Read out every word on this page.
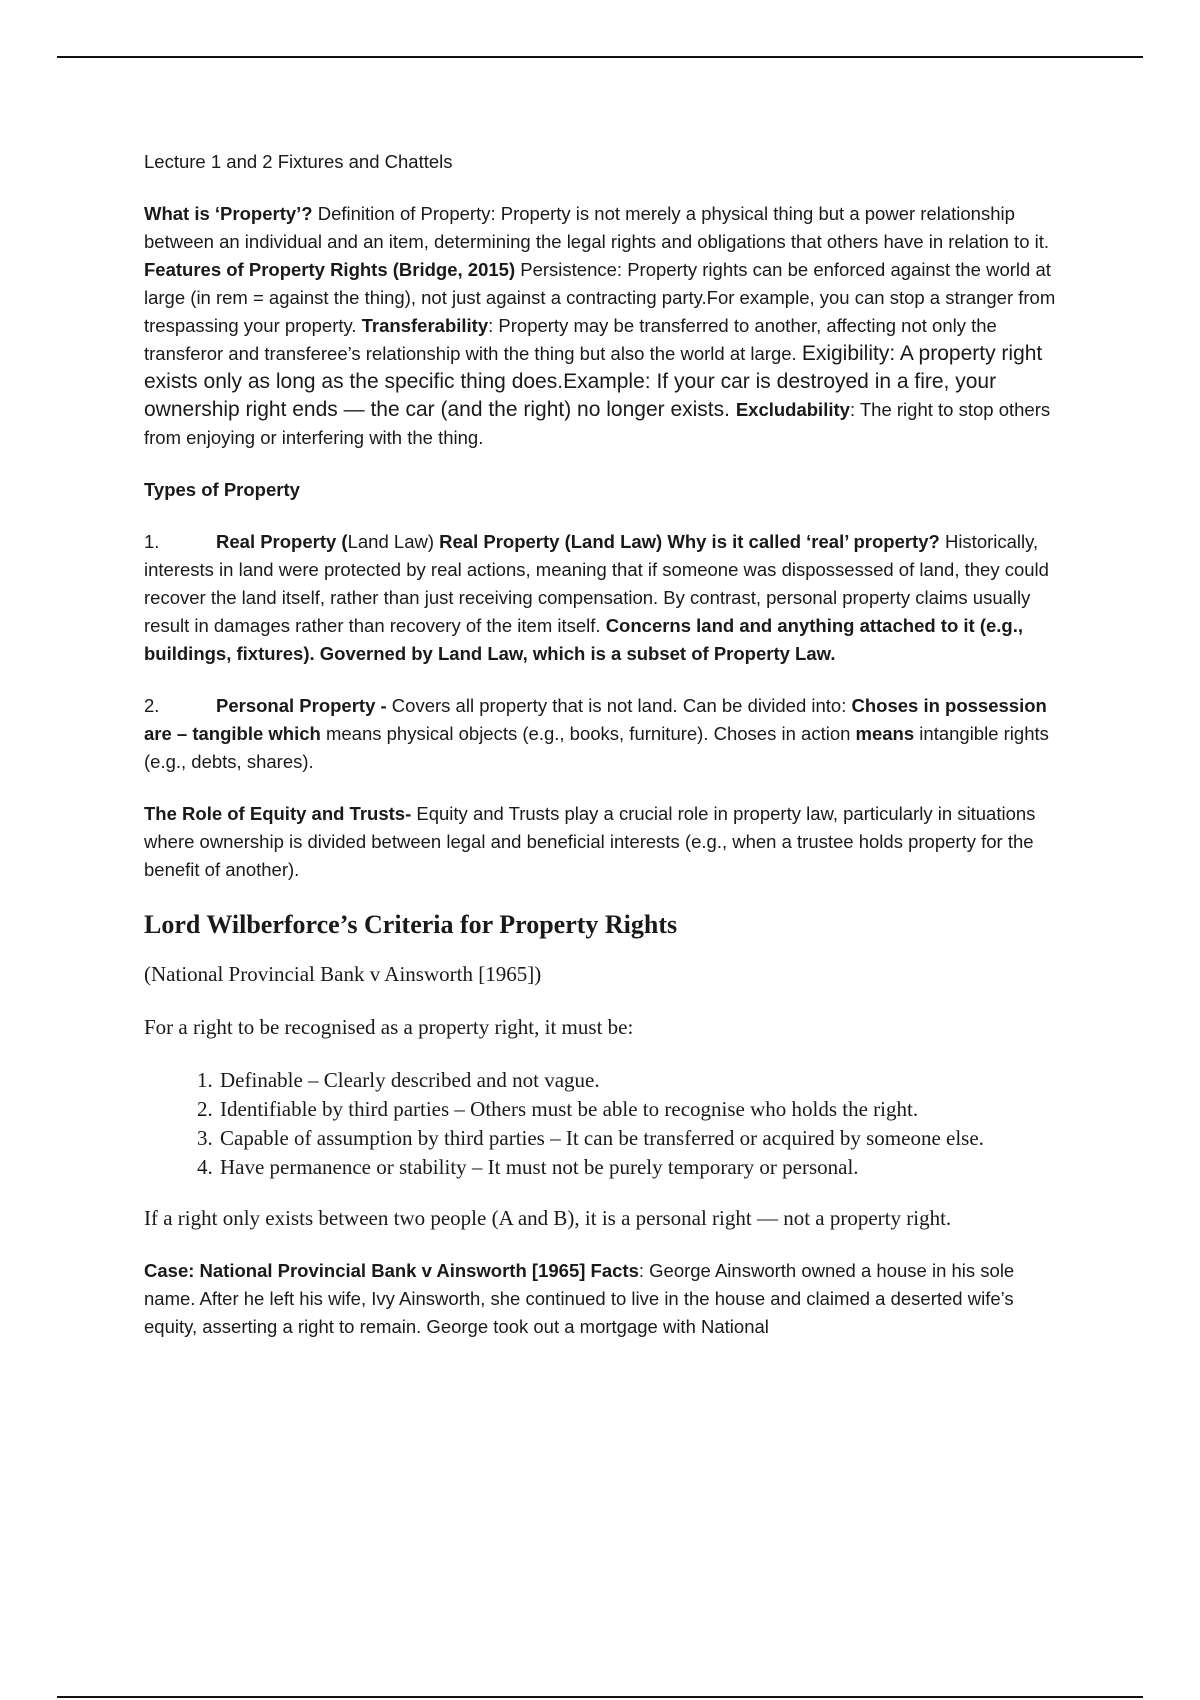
Lecture 1 and 2 Fixtures and Chattels

What is ‘Property’? Definition of Property: Property is not merely a physical thing but a power relationship between an individual and an item, determining the legal rights and obligations that others have in relation to it. Features of Property Rights (Bridge, 2015) Persistence: Property rights can be enforced against the world at large (in rem = against the thing), not just against a contracting party.For example, you can stop a stranger from trespassing your property. Transferability: Property may be transferred to another, affecting not only the transferor and transferee’s relationship with the thing but also the world at large. Exigibility: A property right exists only as long as the specific thing does.Example: If your car is destroyed in a fire, your ownership right ends — the car (and the right) no longer exists. Excludability: The right to stop others from enjoying or interfering with the thing.

Types of Property

1.	Real Property (Land Law) Real Property (Land Law) Why is it called ‘real’ property? Historically, interests in land were protected by real actions, meaning that if someone was dispossessed of land, they could recover the land itself, rather than just receiving compensation. By contrast, personal property claims usually result in damages rather than recovery of the item itself. Concerns land and anything attached to it (e.g., buildings, fixtures). Governed by Land Law, which is a subset of Property Law.

2.	Personal Property - Covers all property that is not land. Can be divided into: Choses in possession are – tangible which means physical objects (e.g., books, furniture). Choses in action means intangible rights (e.g., debts, shares).

The Role of Equity and Trusts- Equity and Trusts play a crucial role in property law, particularly in situations where ownership is divided between legal and beneficial interests (e.g., when a trustee holds property for the benefit of another).

Lord Wilberforce’s Criteria for Property Rights

(National Provincial Bank v Ainsworth [1965])

For a right to be recognised as a property right, it must be:

1. Definable – Clearly described and not vague.
2. Identifiable by third parties – Others must be able to recognise who holds the right.
3. Capable of assumption by third parties – It can be transferred or acquired by someone else.
4. Have permanence or stability – It must not be purely temporary or personal.

If a right only exists between two people (A and B), it is a personal right — not a property right.

Case: National Provincial Bank v Ainsworth [1965] Facts: George Ainsworth owned a house in his sole name. After he left his wife, Ivy Ainsworth, she continued to live in the house and claimed a deserted wife’s equity, asserting a right to remain. George took out a mortgage with National
